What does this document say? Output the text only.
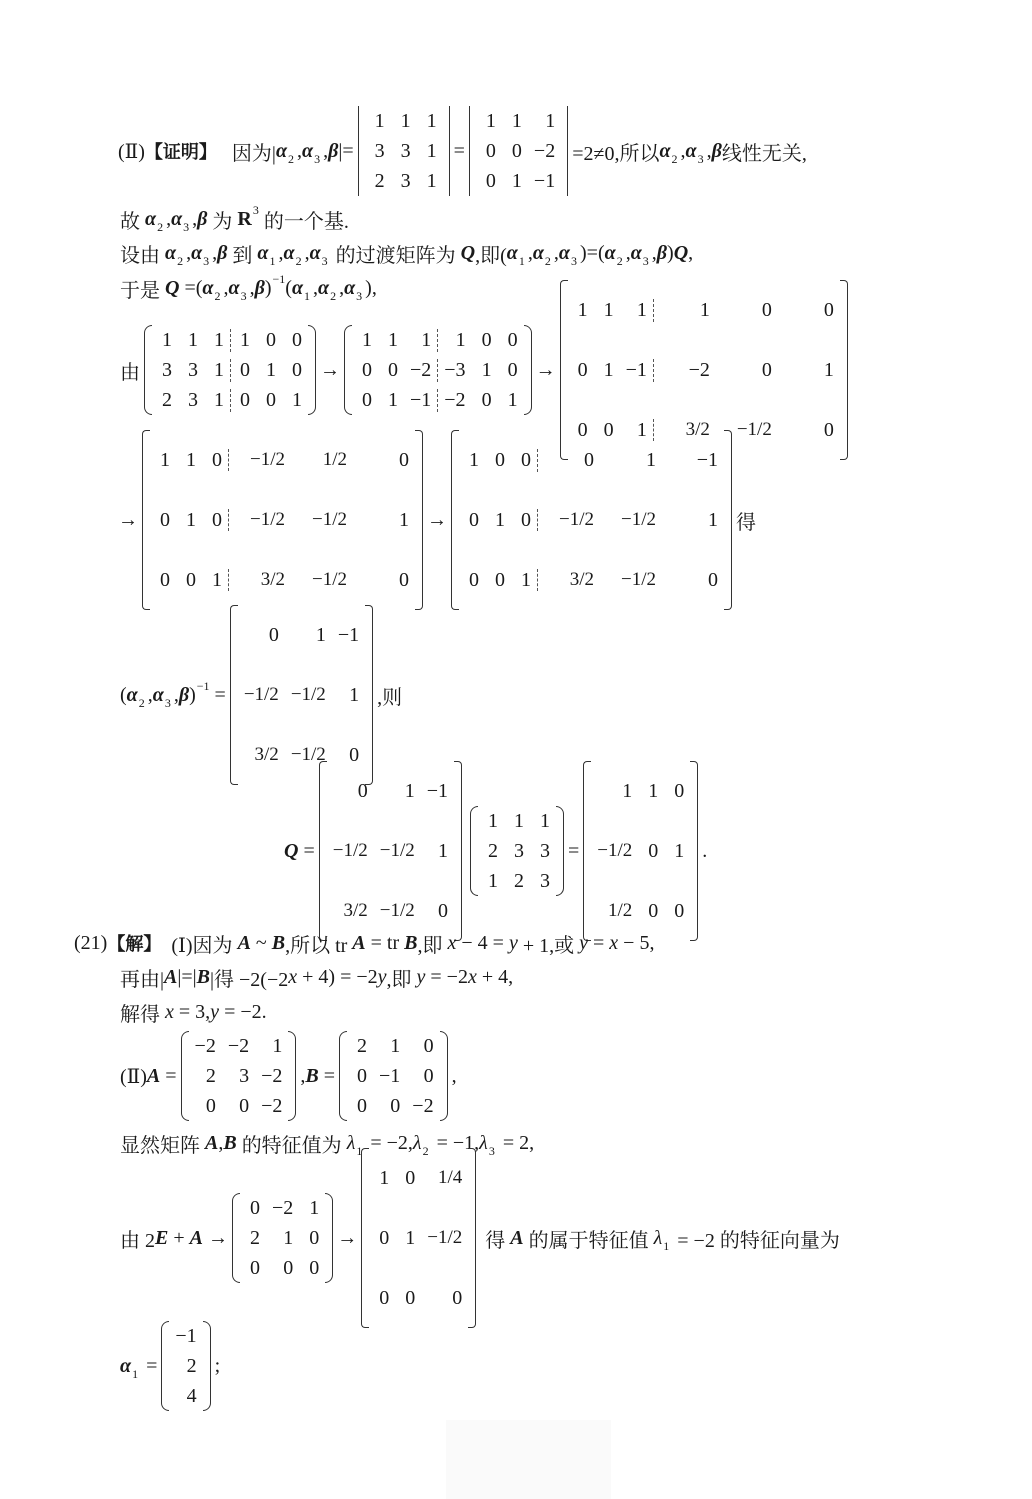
(Ⅱ) 【证明】 因为| $\alpha_2$ , $\alpha_3$ , β |=
1 1 1
3 3 1
2 3 1
=
1 1	1
0 0 −2
0 1 −1
=2≠0,所以 $\alpha_2$ , $\alpha_3$ , β 线性无关,
故 $\alpha_2$ , $\alpha_3$ , β 为 R 3
的一个基.
设由 $\alpha_2$ , $\alpha_3$ , β 到 $\alpha_1$ , $\alpha_2$ , $\alpha_3$ 的过渡矩阵为 Q ,即( $\alpha_1$ , $\alpha_2$ , $\alpha_3$ )=( $\alpha_2$ , $\alpha_3$ , β ) Q ,
于是 Q =( $\alpha_2$ , $\alpha_3$ , β ) −1 ( $\alpha_1$ , $\alpha_2$ , $\alpha_3$ ),
由
1 1 1 1 0 0
3 3 1 0 1 0
2 3 1 0 0 1
→
1 1	1	1 0 0
0 0 −2 −3 1 0
0 1 −1 −2 0 1
→
1 1	1	1	0	0
0 1 −1	−2	0	1
0 0	1	3/2	−1/2	0
→
1 1 0	−1/2	1/2	0
0 1 0	−1/2	−1/2	1
0 0 1	3/2	−1/2	0
→
1 0 0	0	1	−1
0 1 0	−1/2	−1/2	1
0 0 1	3/2	−1/2	0
得
( $\alpha_2$ , $\alpha_3$ , β ) −1 =
0	1 −1
−1/2 −1/2	1
3/2 −1/2	0
,则
Q =
0	1 −1
−1/2 −1/2	1
3/2 −1/2	0
1 1 1
2 3 3
1 2 3
=
1 1 0
−1/2 0 1
1/2 0 0
.
(21) 【解】 (Ⅰ)因为 A ~ B ,所以 tr A = tr B ,即 x − 4 = y + 1,或 y = x − 5,
再由| A |=| B |得 −2(−2 x + 4) = −2 y ,即 y = −2 x + 4,
解得 x = 3, y = −2.
(Ⅱ) A =
−2 −2	1
2	3 −2
0	0 −2
, B =
2	1	0
0 −1	0
0	0 −2
,
显然矩阵 A , B 的特征值为 $\lambda_1 = -2$, $\lambda_2 = -1$, $\lambda_3 = 2$,
由 2 E + A →
0 −2 1
2	1 0
0	0 0
→
1 0	1/4
0 1 −1/2
0 0	0
得 A 的属于特征值 $\lambda_1 = -2$ 的特征向量为
$\alpha_1$ =
−1
2
4
;
